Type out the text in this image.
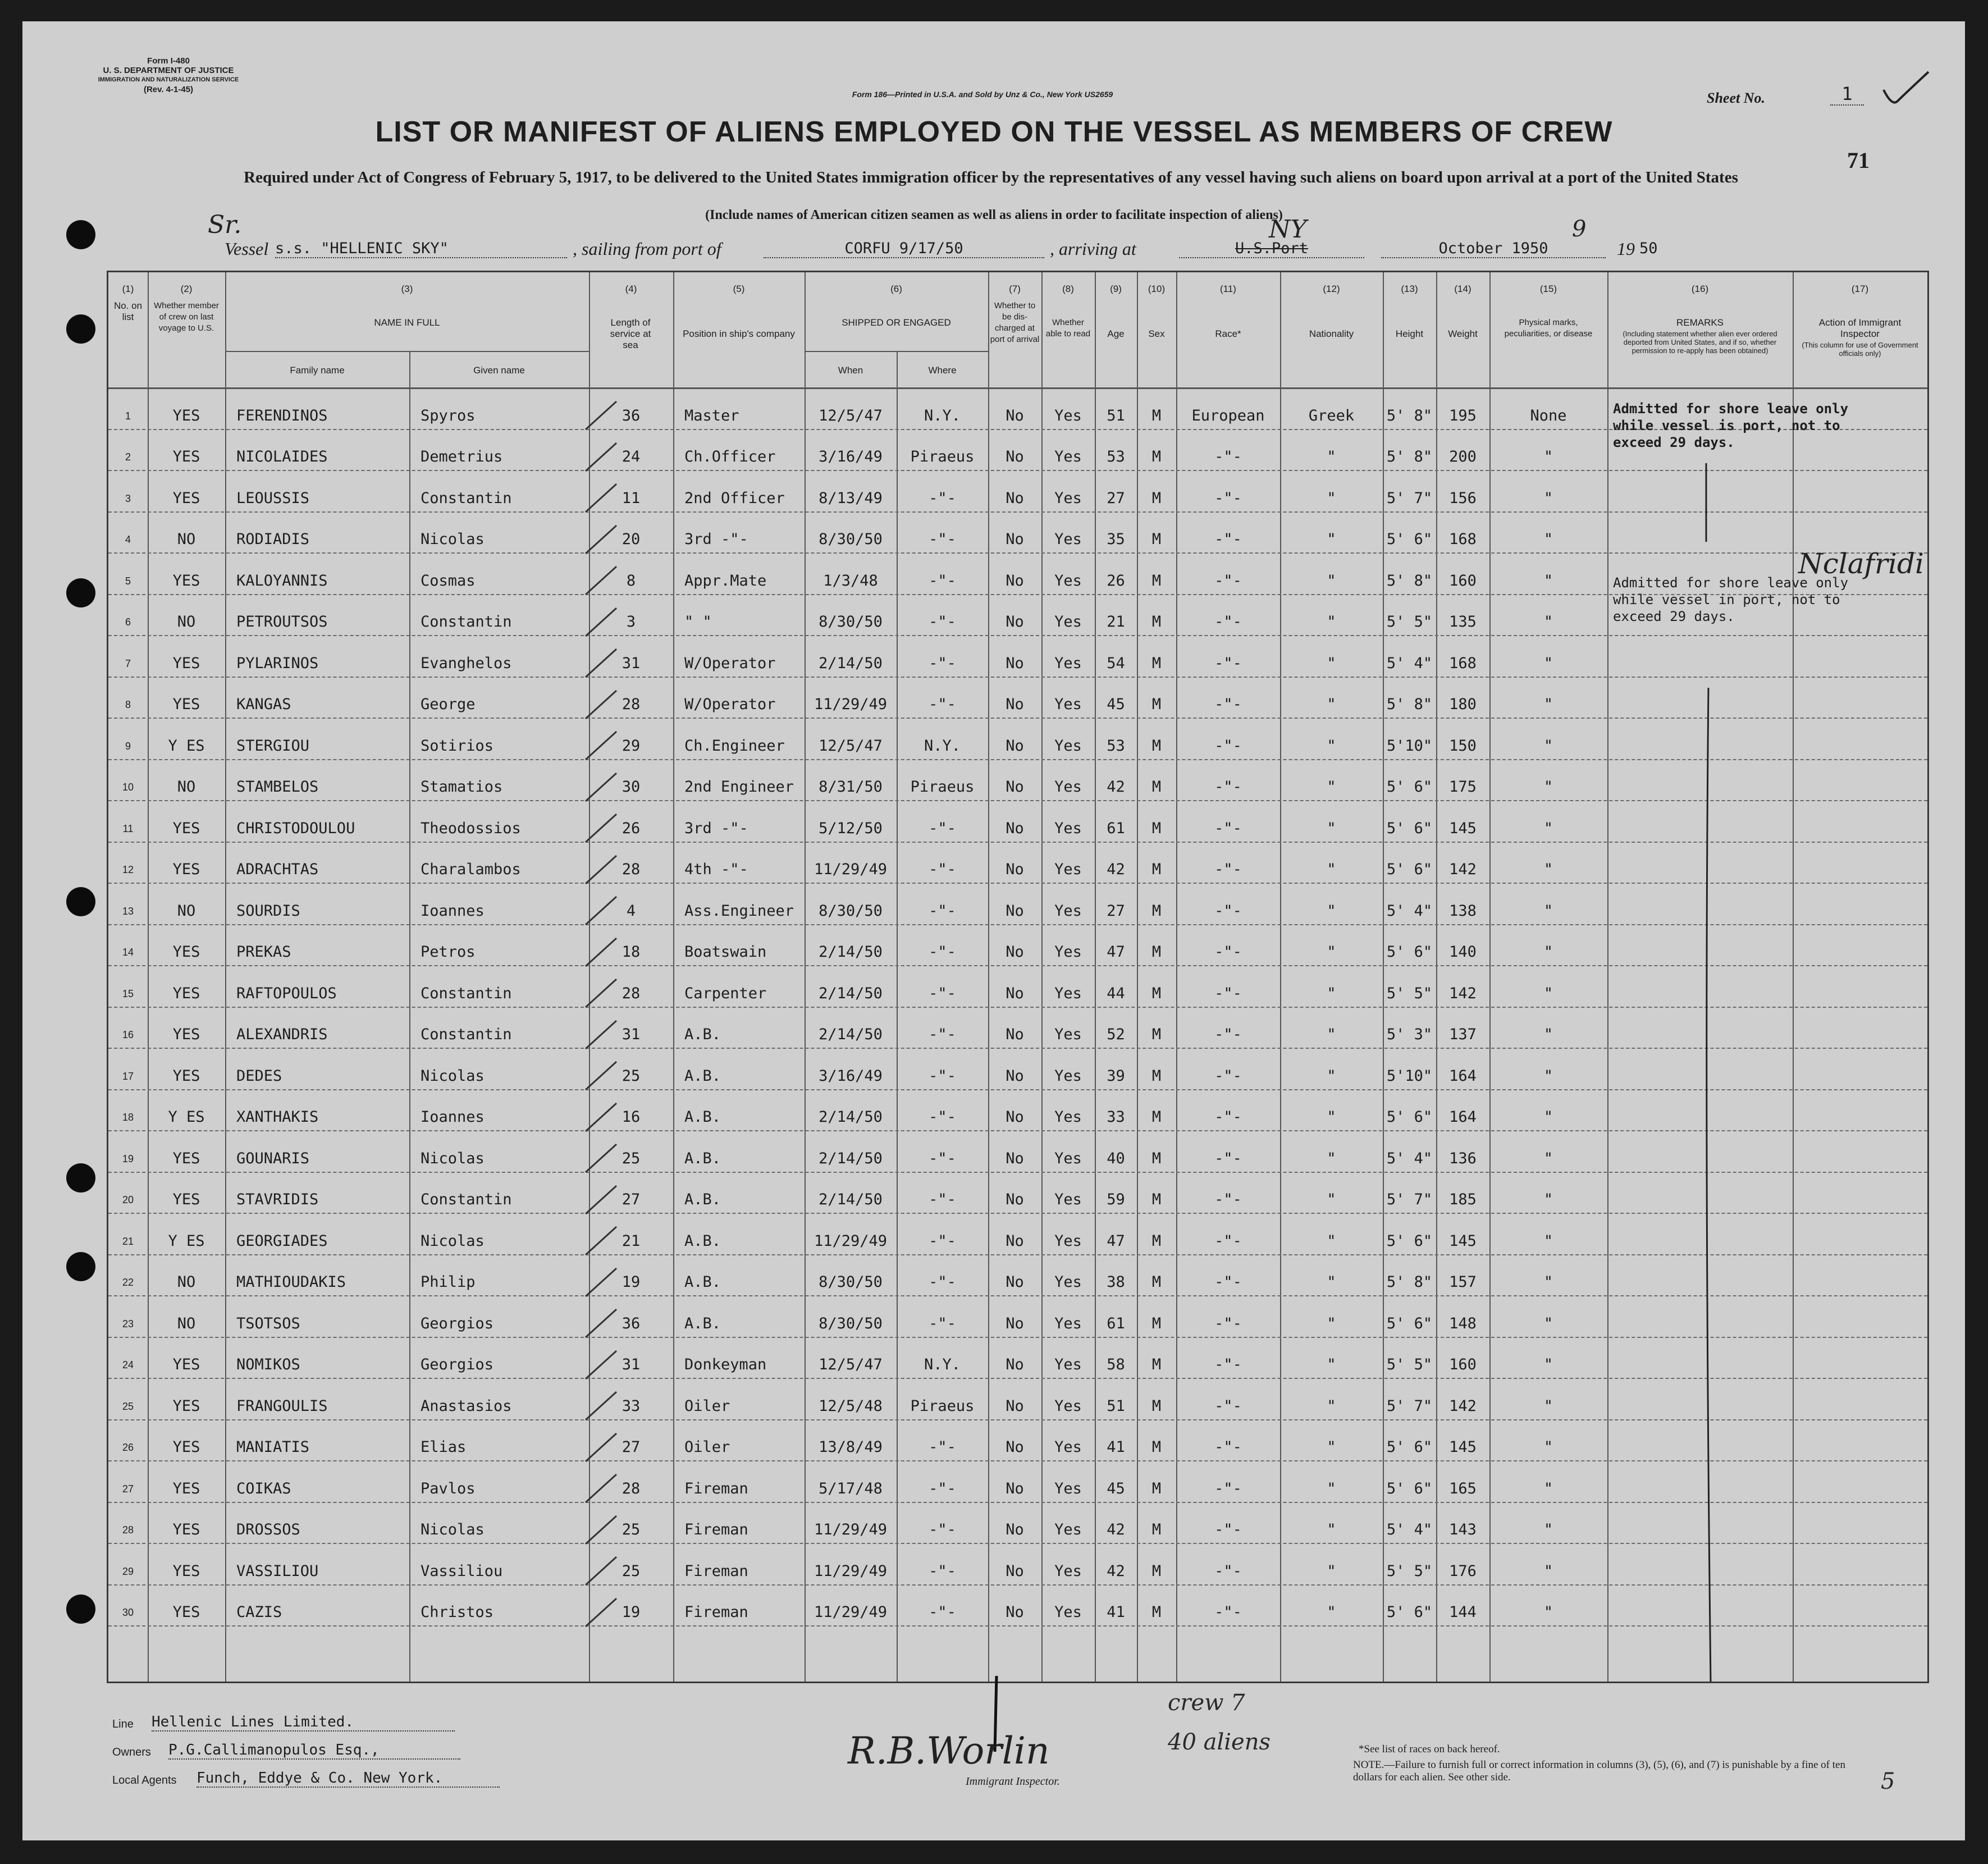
Form I-480
U. S. DEPARTMENT OF JUSTICE
IMMIGRATION AND NATURALIZATION SERVICE
(Rev. 4-1-45)	Form 186—Printed in U.S.A. and Sold by Unz & Co., New York US2659	Sheet No.	1
LIST OR MANIFEST OF ALIENS EMPLOYED ON THE VESSEL AS MEMBERS OF CREW
71
Required under Act of Congress of February 5, 1917, to be delivered to the United States immigration officer by the representatives of any vessel having such aliens on board upon arrival at a port of the United States
(Include names of American citizen seamen as well as aliens in order to facilitate inspection of aliens)
Sr.
Vessel s.s. "HELLENIC SKY"	, sailing from port of	CORFU 9/17/50	, arriving at	U.S.Port
NY
October 1950
9
19 50
(1)
No. on list
(2)
Whether member of crew on last voyage to U.S.
(3)
NAME IN FULL
Family name	Given name
(4)
Length of service at sea
(5)
Position in ship's company
(6)
SHIPPED OR ENGAGED
When	Where
(7)
Whether to be dis-charged at port of arrival
(8)
Whether able to read
(9)
Age
(10)
Sex
(11)
Race*
(12)
Nationality
(13)
Height
(14)
Weight
(15)
Physical marks, peculiarities, or disease
(16)
REMARKS
(Including statement whether alien ever ordered deported from United States, and if so, whether permission to re-apply has been obtained)
(17)
Action of Immigrant Inspector
(This column for use of Government officials only)
1	YES	FERENDINOS	Spyros	36	Master	12/5/47	N.Y.	No	Yes	51	M	European	Greek	5' 8"	195	None
2	YES	NICOLAIDES	Demetrius	24	Ch.Officer	3/16/49	Piraeus	No	Yes	53	M	-"-	"	5' 8"	200	"
3	YES	LEOUSSIS	Constantin	11	2nd Officer	8/13/49	-"-	No	Yes	27	M	-"-	"	5' 7"	156	"
4	NO	RODIADIS	Nicolas	20	3rd -"-	8/30/50	-"-	No	Yes	35	M	-"-	"	5' 6"	168	"
5	YES	KALOYANNIS	Cosmas	8	Appr.Mate	1/3/48	-"-	No	Yes	26	M	-"-	"	5' 8"	160	"
6	NO	PETROUTSOS	Constantin	3	" "	8/30/50	-"-	No	Yes	21	M	-"-	"	5' 5"	135	"
7	YES	PYLARINOS	Evanghelos	31	W/Operator	2/14/50	-"-	No	Yes	54	M	-"-	"	5' 4"	168	"
8	YES	KANGAS	George	28	W/Operator	11/29/49	-"-	No	Yes	45	M	-"-	"	5' 8"	180	"
9	Y ES	STERGIOU	Sotirios	29	Ch.Engineer	12/5/47	N.Y.	No	Yes	53	M	-"-	"	5'10"	150	"
10	NO	STAMBELOS	Stamatios	30	2nd Engineer	8/31/50	Piraeus	No	Yes	42	M	-"-	"	5' 6"	175	"
11	YES	CHRISTODOULOU	Theodossios	26	3rd -"-	5/12/50	-"-	No	Yes	61	M	-"-	"	5' 6"	145	"
12	YES	ADRACHTAS	Charalambos	28	4th -"-	11/29/49	-"-	No	Yes	42	M	-"-	"	5' 6"	142	"
13	NO	SOURDIS	Ioannes	4	Ass.Engineer	8/30/50	-"-	No	Yes	27	M	-"-	"	5' 4"	138	"
14	YES	PREKAS	Petros	18	Boatswain	2/14/50	-"-	No	Yes	47	M	-"-	"	5' 6"	140	"
15	YES	RAFTOPOULOS	Constantin	28	Carpenter	2/14/50	-"-	No	Yes	44	M	-"-	"	5' 5"	142	"
16	YES	ALEXANDRIS	Constantin	31	A.B.	2/14/50	-"-	No	Yes	52	M	-"-	"	5' 3"	137	"
17	YES	DEDES	Nicolas	25	A.B.	3/16/49	-"-	No	Yes	39	M	-"-	"	5'10"	164	"
18	Y ES	XANTHAKIS	Ioannes	16	A.B.	2/14/50	-"-	No	Yes	33	M	-"-	"	5' 6"	164	"
19	YES	GOUNARIS	Nicolas	25	A.B.	2/14/50	-"-	No	Yes	40	M	-"-	"	5' 4"	136	"
20	YES	STAVRIDIS	Constantin	27	A.B.	2/14/50	-"-	No	Yes	59	M	-"-	"	5' 7"	185	"
21	Y ES	GEORGIADES	Nicolas	21	A.B.	11/29/49	-"-	No	Yes	47	M	-"-	"	5' 6"	145	"
22	NO	MATHIOUDAKIS	Philip	19	A.B.	8/30/50	-"-	No	Yes	38	M	-"-	"	5' 8"	157	"
23	NO	TSOTSOS	Georgios	36	A.B.	8/30/50	-"-	No	Yes	61	M	-"-	"	5' 6"	148	"
24	YES	NOMIKOS	Georgios	31	Donkeyman	12/5/47	N.Y.	No	Yes	58	M	-"-	"	5' 5"	160	"
25	YES	FRANGOULIS	Anastasios	33	Oiler	12/5/48	Piraeus	No	Yes	51	M	-"-	"	5' 7"	142	"
26	YES	MANIATIS	Elias	27	Oiler	13/8/49	-"-	No	Yes	41	M	-"-	"	5' 6"	145	"
27	YES	COIKAS	Pavlos	28	Fireman	5/17/48	-"-	No	Yes	45	M	-"-	"	5' 6"	165	"
28	YES	DROSSOS	Nicolas	25	Fireman	11/29/49	-"-	No	Yes	42	M	-"-	"	5' 4"	143	"
29	YES	VASSILIOU	Vassiliou	25	Fireman	11/29/49	-"-	No	Yes	42	M	-"-	"	5' 5"	176	"
30	YES	CAZIS	Christos	19	Fireman	11/29/49	-"-	No	Yes	41	M	-"-	"	5' 6"	144	"
Admitted for shore leave only
while vessel is port, not to
exceed 29 days.
Admitted for shore leave only
while vessel in port, not to
exceed 29 days.
Nclafridi
Line Hellenic Lines Limited.
Owners P.G.Callimanopulos Esq.,
Local Agents Funch, Eddye & Co. New York.
R.B.Worlin
Immigrant Inspector.
crew 7
40 aliens	*See list of races on back hereof.
NOTE.—Failure to furnish full or correct information in columns (3), (5), (6), and (7) is punishable by a fine of ten dollars for each alien. See other side.	5
